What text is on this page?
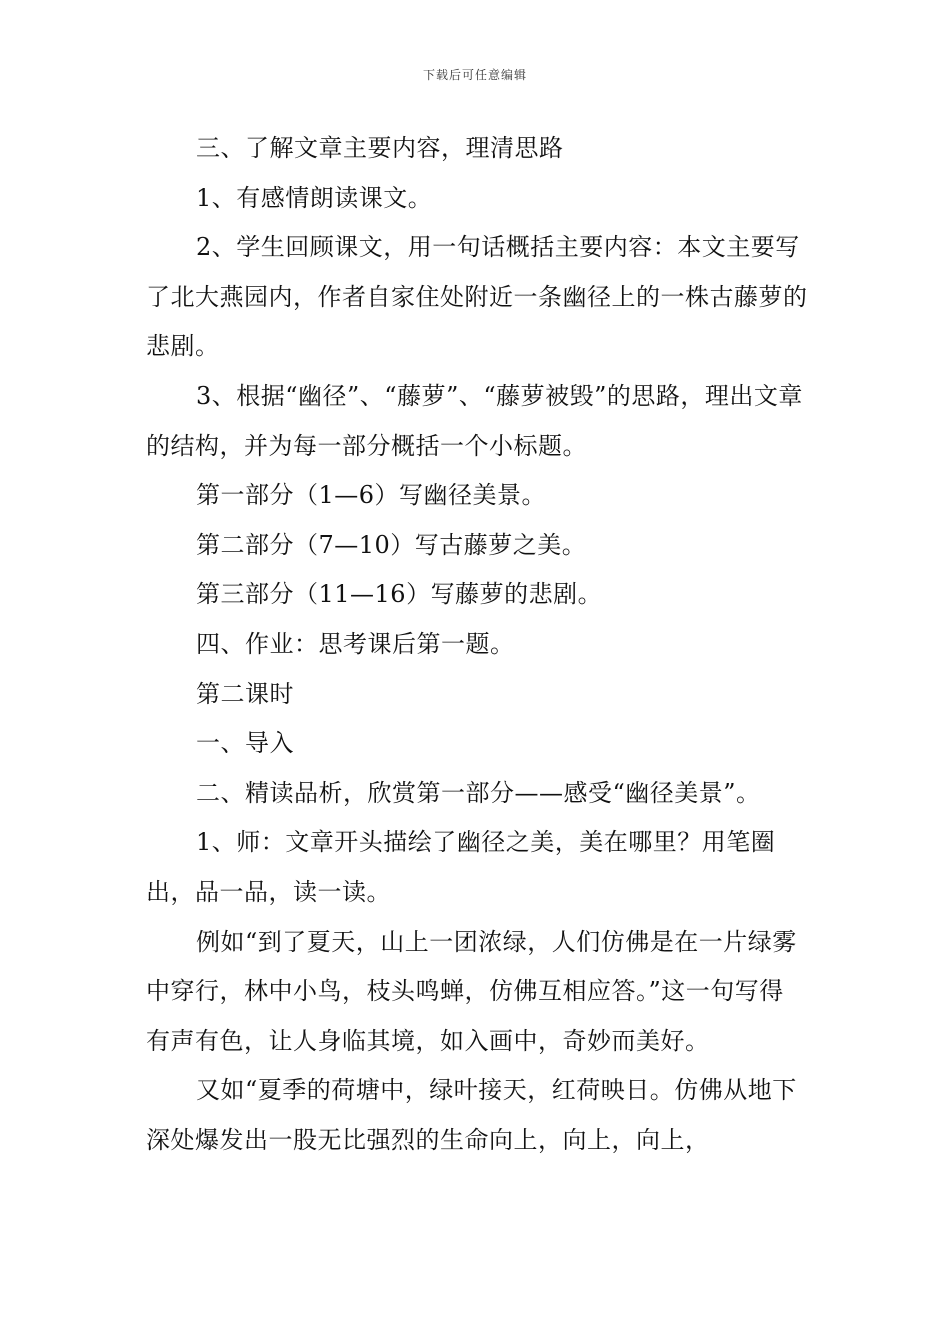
下载后可任意编辑

三、了解文章主要内容，理清思路

1、有感情朗读课文。

2、学生回顾课文，用一句话概括主要内容：本文主要写了北大燕园内，作者自家住处附近一条幽径上的一株古藤萝的悲剧。

3、根据“幽径”、“藤萝”、“藤萝被毁”的思路，理出文章的结构，并为每一部分概括一个小标题。

第一部分（1—6）写幽径美景。

第二部分（7—10）写古藤萝之美。

第三部分（11—16）写藤萝的悲剧。

四、作业：思考课后第一题。

第二课时

一、导入

二、精读品析，欣赏第一部分——感受“幽径美景”。

1、师：文章开头描绘了幽径之美，美在哪里？用笔圈出，品一品，读一读。

例如“到了夏天，山上一团浓绿，人们仿佛是在一片绿雾中穿行，林中小鸟，枝头鸣蝉，仿佛互相应答。”这一句写得有声有色，让人身临其境，如入画中，奇妙而美好。

又如“夏季的荷塘中，绿叶接天，红荷映日。仿佛从地下深处爆发出一股无比强烈的生命向上，向上，向上，
